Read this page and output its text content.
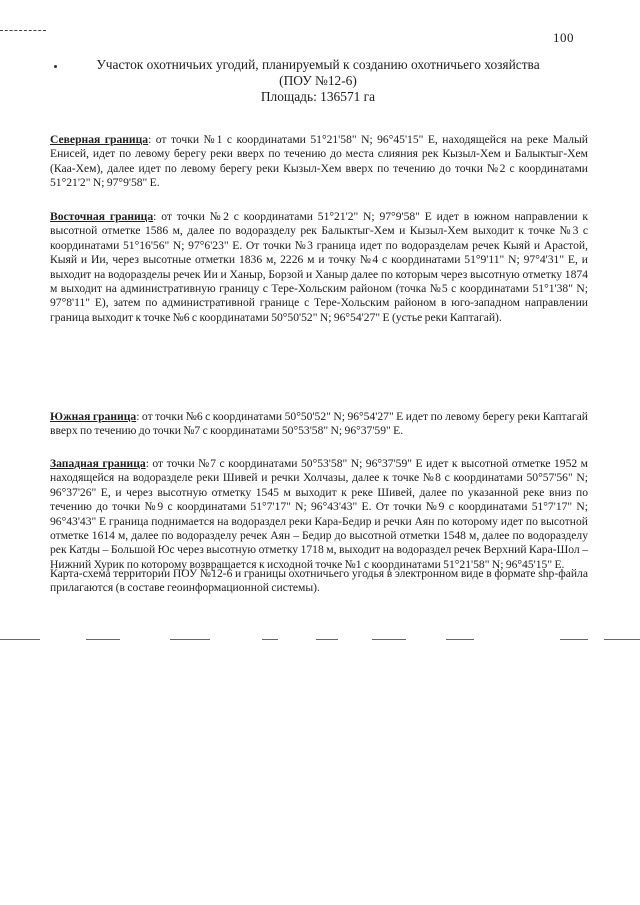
100
Участок охотничьих угодий, планируемый к созданию охотничьего хозяйства
(ПОУ №12-6)
Площадь: 136571 га
Северная граница: от точки №1 с координатами 51°21'58" N; 96°45'15" E, находящейся на реке Малый Енисей, идет по левому берегу реки вверх по течению до места слияния рек Кызыл-Хем и Балыктыг-Хем (Каа-Хем), далее идет по левому берегу реки Кызыл-Хем вверх по течению до точки №2 с координатами 51°21'2" N; 97°9'58" E.
Восточная граница: от точки №2 с координатами 51°21'2" N; 97°9'58" E идет в южном направлении к высотной отметке 1586 м, далее по водоразделу рек Балыктыг-Хем и Кызыл-Хем выходит к точке №3 с координатами 51°16'56" N; 97°6'23" E. От точки №3 граница идет по водоразделам речек Кыяй и Арастой, Кыяй и Ии, через высотные отметки 1836 м, 2226 м и точку №4 с координатами 51°9'11" N; 97°4'31" E, и выходит на водоразделы речек Ии и Ханыр, Борзой и Ханыр далее по которым через высотную отметку 1874 м выходит на административную границу с Тере-Хольским районом (точка №5 с координатами 51°1'38" N; 97°8'11" E), затем по административной границе с Тере-Хольским районом в юго-западном направлении граница выходит к точке №6 с координатами 50°50'52" N; 96°54'27" E (устье реки Каптагай).
Южная граница: от точки №6 с координатами 50°50'52" N; 96°54'27" E идет по левому берегу реки Каптагай вверх по течению до точки №7 с координатами 50°53'58" N; 96°37'59" E.
Западная граница: от точки №7 с координатами 50°53'58" N; 96°37'59" E идет к высотной отметке 1952 м находящейся на водоразделе реки Шивей и речки Холчазы, далее к точке №8 с координатами 50°57'56" N; 96°37'26" E, и через высотную отметку 1545 м выходит к реке Шивей, далее по указанной реке вниз по течению до точки №9 с координатами 51°7'17" N; 96°43'43" E. От точки №9 с координатами 51°7'17" N; 96°43'43" E граница поднимается на водораздел реки Кара-Бедир и речки Аян по которому идет по высотной отметке 1614 м, далее по водоразделу речек Аян – Бедир до высотной отметки 1548 м, далее по водоразделу рек Катды – Большой Юс через высотную отметку 1718 м, выходит на водораздел речек Верхний Кара-Шол – Нижний Хурик по которому возвращается к исходной точке №1 с координатами 51°21'58" N; 96°45'15" E.
Карта-схема территории ПОУ №12-6 и границы охотничьего угодья в электронном виде в формате shp-файла прилагаются (в составе геоинформационной системы).
